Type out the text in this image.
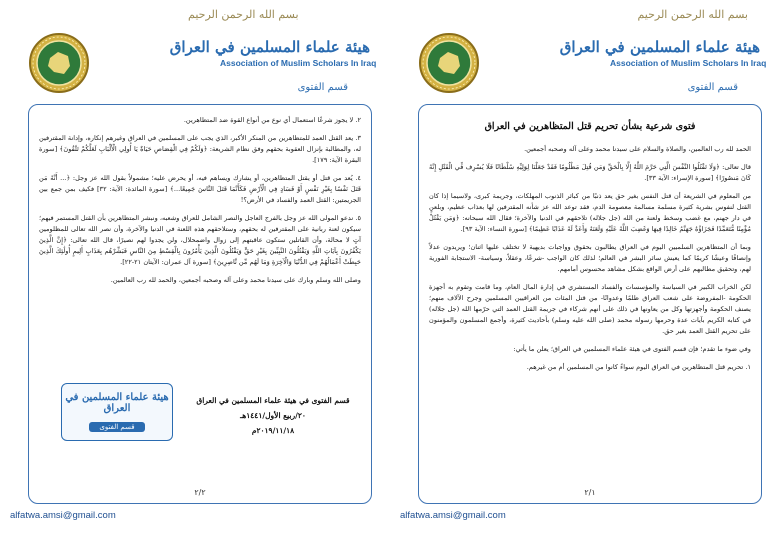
بسم الله الرحمن الرحيم
هيئة علماء المسلمين في العراق
Association of Muslim Scholars In Iraq
قسم الفتوى

٢. لا يجوز شرعًا استعمال أي نوع من أنواع القوة ضد المتظاهرين.

٣. يعد القتل العمد للمتظاهرين من المنكر الأكبر، الذي يجب على المسلمين في العراق وغيرهم إنكاره، وإدانة المقترفين له، والمطالبة بإنزال العقوبة بحقهم وفق نظام الشريعة: ﴿وَلَكُمْ فِي الْقِصَاصِ حَيَاةٌ يَا أُولِي الْأَلْبَابِ لَعَلَّكُمْ تَتَّقُونَ﴾ [سورة البقرة الآية: ١٧٩].

٤. يُعد من قتل أو يقتل المتظاهرين، أو يشارك ويساهم فيه، أو يحرض عليه؛ مشمولاً بقول الله عز وجل: ﴿... أَنَّهُ مَن قَتَلَ نَفْسًا بِغَيْرِ نَفْسٍ أَوْ فَسَادٍ فِي الْأَرْضِ فَكَأَنَّمَا قَتَلَ النَّاسَ جَمِيعًا...﴾ [سورة المائدة: الآية: ٣٢] فكيف بمن جمع بين الجريمتين: القتل العمد والفساد في الأرض؟!

٥. ندعو المولى الله عز وجل بالفرج العاجل والنصر الشامل للعراق وشعبه، ونبشر المتظاهرين بأن القتل المستمر فيهم؛ سيكون لعنة ربانية على المقترفين له بحقهم، وستلاحقهم هذه اللعنة في الدنيا والآخرة، وأن نصر الله تعالى للمظلومين آتٍ لا محالة، وأن القاتلين ستكون عاقبتهم إلى زوال واضمحلال، ولن يجدوا لهم نصيرًا، قال الله تعالى: ﴿إِنَّ الَّذِينَ يَكْفُرُونَ بِآيَاتِ اللَّهِ وَيَقْتُلُونَ النَّبِيِّينَ بِغَيْرِ حَقٍّ وَيَقْتُلُونَ الَّذِينَ يَأْمُرُونَ بِالْقِسْطِ مِنَ النَّاسِ فَبَشِّرْهُم بِعَذَابٍ أَلِيمٍ أُولَٰئِكَ الَّذِينَ حَبِطَتْ أَعْمَالُهُمْ فِي الدُّنْيَا وَالْآخِرَةِ وَمَا لَهُم مِّن نَّاصِرِينَ﴾ [سورة آل عمران: الآيتان ٢١-٢٢].

وصلى الله وسلم وبارك على سيدنا محمد وعلى آله وصحبه أجمعين، والحمد لله رب العالمين.

قسم الفتوى في هيئة علماء المسلمين في العراق
٢٠/ربيع الأول/١٤٤١هـ
٢٠١٩/١١/١٨م
هيئة علماء المسلمين في العراق
قسم الفتوى
٢/٢
alfatwa.amsi@gmail.com
بسم الله الرحمن الرحيم
هيئة علماء المسلمين في العراق
Association of Muslim Scholars In Iraq
قسم الفتوى
فتوى شرعية بشأن تحريم قتل المتظاهرين في العراق

الحمد لله رب العالمين، والصلاة والسلام على سيدنا محمد وعلى آله وصحبه أجمعين.

قال تعالى: ﴿وَلَا تَقْتُلُوا النَّفْسَ الَّتِي حَرَّمَ اللَّهُ إِلَّا بِالْحَقِّ وَمَن قُتِلَ مَظْلُومًا فَقَدْ جَعَلْنَا لِوَلِيِّهِ سُلْطَانًا فَلَا يُسْرِف فِّي الْقَتْلِ إِنَّهُ كَانَ مَنصُورًا﴾ [سورة الإسراء: الآية ٣٣].

من المعلوم في الشريعة أن قتل النفس بغير حق يعد ذنبًا من كبائر الذنوب المهلكات، وجريمة كبرى، ولاسيما إذا كان القتل لنفوس بشرية كثيرة مسلمة مسالمة معصومة الدم، فقد توعد الله عز شأنه المقترفين لها بعذاب عظيم، وبلعنٍ في دار جهنم، مع غضب وسخط ولعنة من الله (جل جلاله) تلاحقهم في الدنيا والآخرة؛ فقال الله سبحانه: ﴿وَمَن يَقْتُلْ مُؤْمِنًا مُّتَعَمِّدًا فَجَزَاؤُهُ جَهَنَّمُ خَالِدًا فِيهَا وَغَضِبَ اللَّهُ عَلَيْهِ وَلَعَنَهُ وَأَعَدَّ لَهُ عَذَابًا عَظِيمًا﴾ [سورة النساء: الآية ٩٣].

وبما أن المتظاهرين السلميين اليوم في العراق يطالبون بحقوق وواجبات بديهية لا تختلف عليها اثنان؛ ويريدون عدلاً وإنصافًا وعيشًا كريمًا كما يعيش سائر البشر في العالم؛ لذلك كان الواجب -شرعًا، وعقلاً، وسياسة- الاستجابة الفورية لهم، وتحقيق مطالبهم على أرض الواقع بشكل مشاهد محسوس أمامهم.

لكن الخراب الكبير في السياسة والمؤسسات والفساد المستشري في إدارة المال العام، وما قامت وتقوم به أجهزة الحكومة -المفروضة على شعب العراق ظلمًا وعدوانًا- من قتل المئات من العراقيين المسلمين وجرح الآلاف منهم؛ يصنف الحكومة وأجهزتها وكل من يعاونها في ذلك على أنهم شركاء في جريمة القتل العمد التي حرّمها الله (جل جلاله) في كتابه الكريم بآيات عدة وحرمها رسوله محمد (صلى الله عليه وسلم) بأحاديث كثيرة، وأجمع المسلمون والمؤمنون على تحريم القتل العمد بغير حق.

وفي ضوء ما تقدم؛ فإن قسم الفتوى في هيئة علماء المسلمين في العراق؛ يعلن ما يأتي:

١. تحريم قتل المتظاهرين في العراق اليوم سواءً كانوا من المسلمين أم من غيرهم.

٢/١
alfatwa.amsi@gmail.com
